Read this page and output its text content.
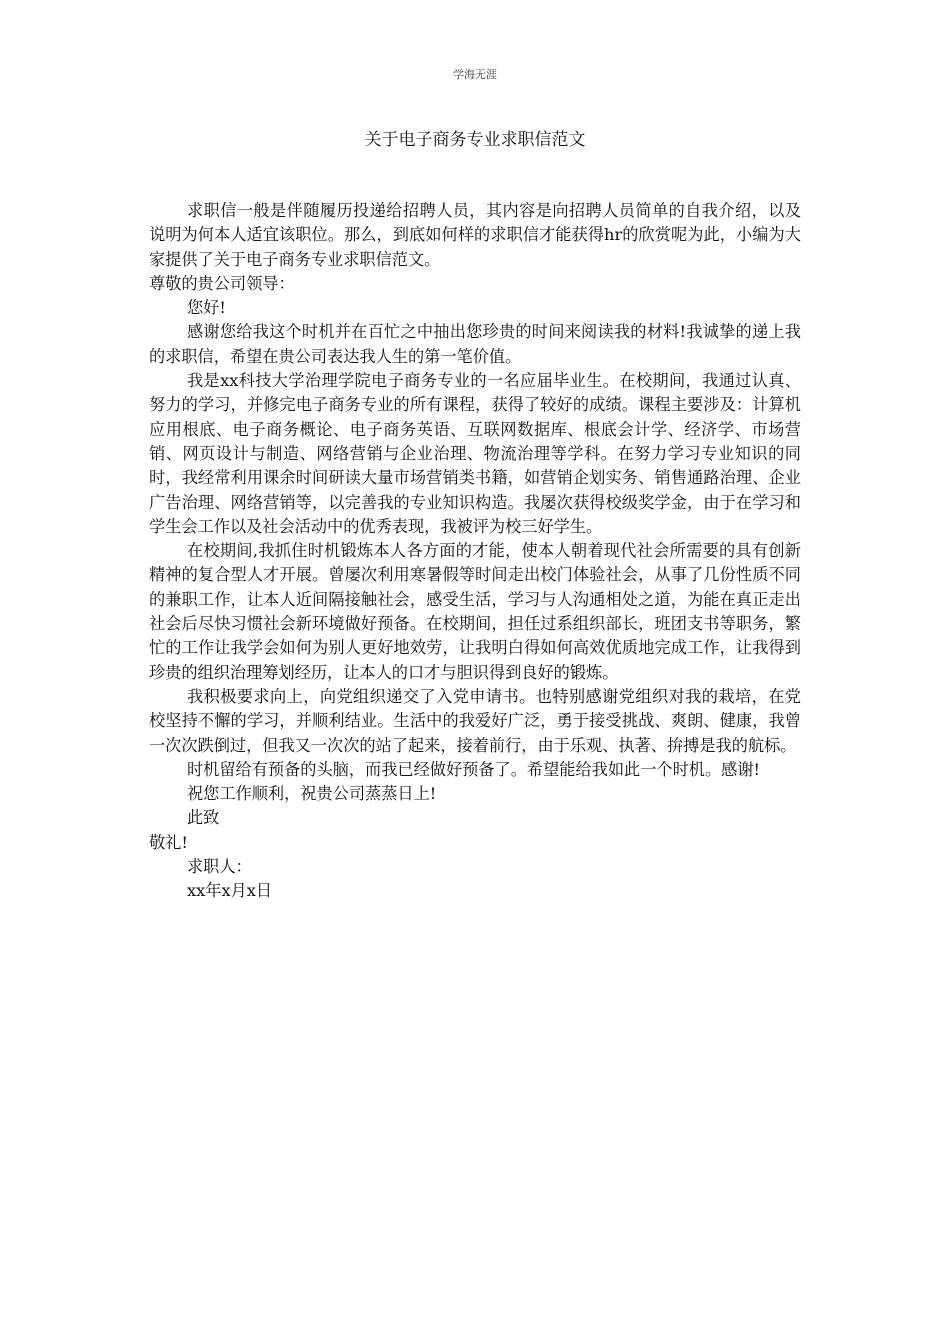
学海无涯
关于电子商务专业求职信范文

求职信一般是伴随履历投递给招聘人员，其内容是向招聘人员简单的自我介绍，以及说明为何本人适宜该职位。那么，到底如何样的求职信才能获得hr的欣赏呢为此，小编为大家提供了关于电子商务专业求职信范文。

尊敬的贵公司领导：

您好!

感谢您给我这个时机并在百忙之中抽出您珍贵的时间来阅读我的材料!我诚挚的递上我的求职信，希望在贵公司表达我人生的第一笔价值。

我是xx科技大学治理学院电子商务专业的一名应届毕业生。在校期间，我通过认真、努力的学习，并修完电子商务专业的所有课程，获得了较好的成绩。课程主要涉及：计算机应用根底、电子商务概论、电子商务英语、互联网数据库、根底会计学、经济学、市场营销、网页设计与制造、网络营销与企业治理、物流治理等学科。在努力学习专业知识的同时，我经常利用课余时间研读大量市场营销类书籍，如营销企划实务、销售通路治理、企业广告治理、网络营销等，以完善我的专业知识构造。我屡次获得校级奖学金，由于在学习和学生会工作以及社会活动中的优秀表现，我被评为校三好学生。

在校期间,我抓住时机锻炼本人各方面的才能，使本人朝着现代社会所需要的具有创新精神的复合型人才开展。曾屡次利用寒暑假等时间走出校门体验社会，从事了几份性质不同的兼职工作，让本人近间隔接触社会，感受生活，学习与人沟通相处之道，为能在真正走出社会后尽快习惯社会新环境做好预备。在校期间，担任过系组织部长，班团支书等职务，繁忙的工作让我学会如何为别人更好地效劳，让我明白得如何高效优质地完成工作，让我得到珍贵的组织治理筹划经历，让本人的口才与胆识得到良好的锻炼。

我积极要求向上，向党组织递交了入党申请书。也特别感谢党组织对我的栽培，在党校坚持不懈的学习，并顺利结业。生活中的我爱好广泛，勇于接受挑战、爽朗、健康，我曾一次次跌倒过，但我又一次次的站了起来，接着前行，由于乐观、执著、拚搏是我的航标。

时机留给有预备的头脑，而我已经做好预备了。希望能给我如此一个时机。感谢!

祝您工作顺利，祝贵公司蒸蒸日上!

此致

敬礼!

求职人：

xx年x月x日
